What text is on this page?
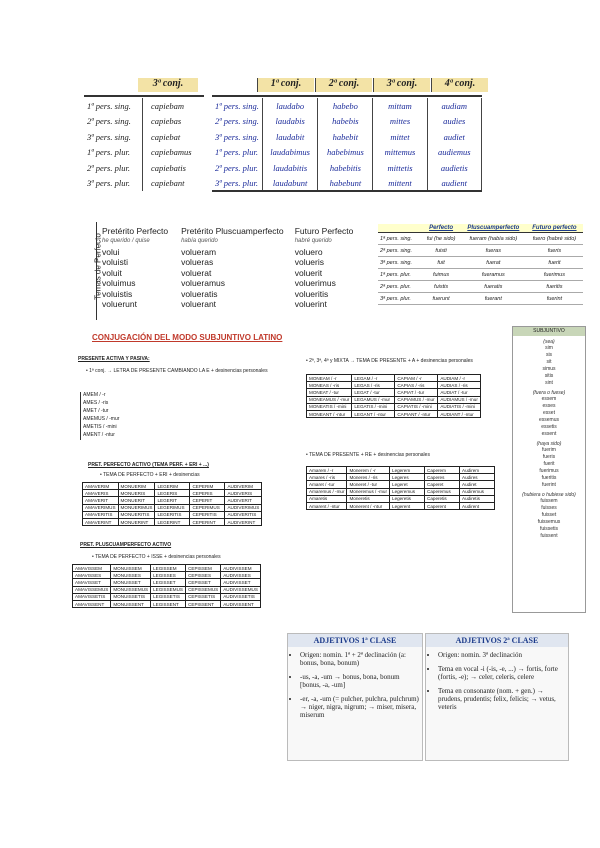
3ª conj.
1ª pers. sing.	capiebam
2ª pers. sing.	capiebas
3ª pers. sing.	capiebat
1ª pers. plur.	capiebamus
2ª pers. plur.	capiebatis
3ª pers. plur.	capiebant
1ª conj.	2ª conj.	3ª conj.	4ª conj.
1ª pers. sing.	laudabo	habebo	mittam	audiam
2ª pers. sing.	laudabis	habebis	mittes	audies
3ª pers. sing.	laudabit	habebit	mittet	audiet
1ª pers. plur.	laudabimus	habebimus	mittemus	audiemus
2ª pers. plur.	laudabitis	habebitis	mittetis	audietis
3ª pers. plur.	laudabunt	habebunt	mittent	audient
Temas de Perfecto
Pretérito Perfecto	Pretérito Pluscuamperfecto	Futuro Perfecto
he querido / quise	había querido	habré querido
volui	volueram	voluero
voluisti	volueras	volueris
voluit	voluerat	voluerit
voluimus	volueramus	voluerimus
voluistis	volueratis	volueritis
voluerunt	voluerant	voluerint
	Perfecto	Pluscuamperfecto	Futuro perfecto
1ª pers. sing.	fui (he sido)	fueram (había sido)	fuero (habré sido)
2ª pers. sing.	fuisti	fueras	fueris
3ª pers. sing.	fuit	fuerat	fuerit
1ª pers. plur.	fuimus	fueramus	fuerimus
2ª pers. plur.	fuistis	fueratis	fueritis
3ª pers. plur.	fuerunt	fuerant	fuerint
CONJUGACIÓN DEL MODO SUBJUNTIVO LATINO
PRESENTE ACTIVA Y PASIVA:
• 1ª conj. → LETRA DE PRESENTE CAMBIANDO LA E + desinencias personales
AMEM / -r
AMES / -ris
AMET / -tur
AMEMUS / -mur
AMETIS / -mini
AMENT / -ntur
• 2ª, 3ª, 4ª y MIXTA → TEMA DE PRESENTE + A + desinencias personales
MONEAM / -r	LEGAM / -r	CAPIAM / -r	AUDIAM / -r
MONEAS / -ris	LEGAS / -ris	CAPIAS / -ris	AUDIAS / -ris
MONEAT / -tur	LEGAT / -tur	CAPIAT / -tur	AUDIAT / -tur
MONEAMUS / -mur	LEGAMUS / -mur	CAPIAMUS / -mur	AUDIAMUS / -mur
MONEATIS / -mini	LEGATIS / -mini	CAPIATIS / -mini	AUDIATIS / -mini
MONEANT / -ntur	LEGANT / -ntur	CAPIANT / -ntur	AUDIANT / -ntur
• TEMA DE PRESENTE + RE + desinencias personales
Amarem / -r	Monerem / -r	Legerem	Caperem	Audirem
Amares / -ris	Moneres / -ris	Legeres	Caperes	Audires
Amaret / -tur	Moneret / -tur	Legeret	Caperet	Audiret
Amaremus / -mur	Moneremus / -mur	Legeremus	Caperemus	Audiremus
Amaretis	Moneretis	Legeretis	Caperetis	Audiretis
Amarent / -ntur	Monerent / -ntur	Legerent	Caperent	Audirent
PRET. PERFECTO ACTIVO (TEMA PERF. + ERI + ...)
• TEMA DE PERFECTO + ERI + desinencias
AMAVERIM	MONUERIM	LEGERIM	CEPERIM	AUDIVERIM
AMAVERIS	MONUERIS	LEGERIS	CEPERIS	AUDIVERIS
AMAVERIT	MONUERIT	LEGERIT	CEPERIT	AUDIVERIT
AMAVERIMUS	MONUERIMUS	LEGERIMUS	CEPERIMUS	AUDIVERIMUS
AMAVERITIS	MONUERITIS	LEGERITIS	CEPERITIS	AUDIVERITIS
AMAVERINT	MONUERINT	LEGERINT	CEPERINT	AUDIVERINT
PRET. PLUSCUAMPERFECTO ACTIVO
• TEMA DE PERFECTO + ISSE + desinencias personales
AMAVISSEM	MONUISSEM	LEGISSEM	CEPISSEM	AUDIVISSEM
AMAVISSES	MONUISSES	LEGISSES	CEPISSES	AUDIVISSES
AMAVISSET	MONUISSET	LEGISSET	CEPISSET	AUDIVISSET
AMAVISSEMUS	MONUISSEMUS	LEGISSEMUS	CEPISSEMUS	AUDIVISSEMUS
AMAVISSETIS	MONUISSETIS	LEGISSETIS	CEPISSETIS	AUDIVISSETIS
AMAVISSENT	MONUISSENT	LEGISSENT	CEPISSENT	AUDIVISSENT
SUBJUNTIVO
(sea)
sim
sis
sit
simus
sitis
sint
(fuera o fuese)
essem
esses
esset
essemus
essetis
essent
(haya sido)
fuerim
fueris
fuerit
fuerimus
fueritis
fuerint
(hubiera o hubiese sido)
fuissem
fuisses
fuisset
fuissemus
fuissetis
fuissent
ADJETIVOS 1ª CLASE
• Origen: nomin. 1ª + 2ª declinación (a: bonus, bona, bonum)
• -us, -a, -um → bonus, bona, bonum [bonus, -a, -um]
• -er, -a, -um (= pulcher, pulchra, pulchrum) → niger, nigra, nigrum; → miser, misera, miserum
ADJETIVOS 2ª CLASE
• Origen: nomin. 3ª declinación
• Tema en vocal -i (-is, -e, ...) → fortis, forte (fortis, -e); → celer, celeris, celere
• Tema en consonante (nom. + gen.) → prudens, prudentis; felix, felicis; → vetus, veteris
